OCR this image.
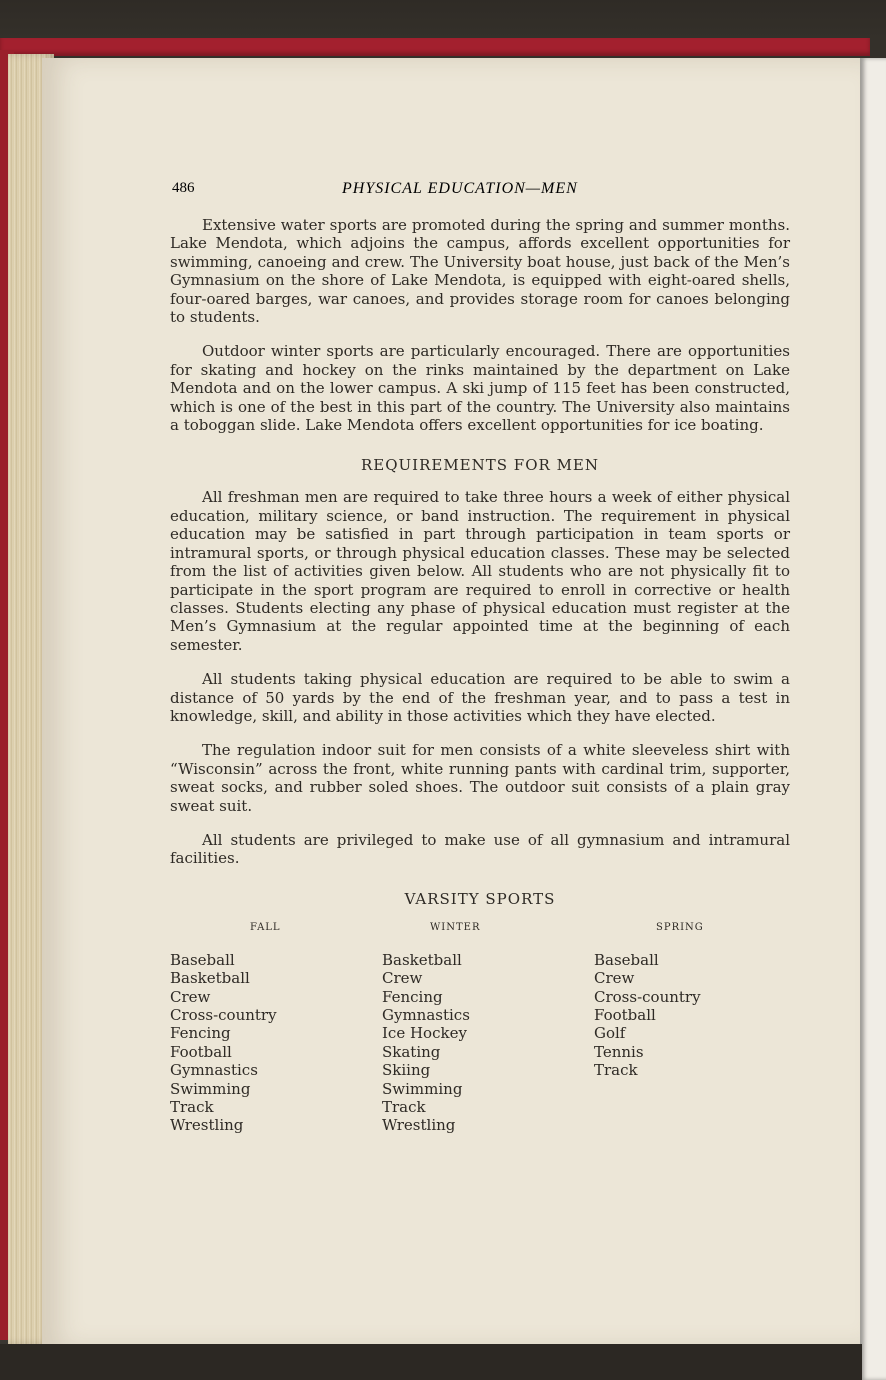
486	PHYSICAL EDUCATION—MEN

Extensive water sports are promoted during the spring and summer months. Lake Mendota, which adjoins the campus, affords excellent opportunities for swimming, canoeing and crew. The University boat house, just back of the Men’s Gymnasium on the shore of Lake Mendota, is equipped with eight-oared shells, four-oared barges, war canoes, and provides storage room for canoes belonging to students.

Outdoor winter sports are particularly encouraged. There are opportunities for skating and hockey on the rinks maintained by the department on Lake Mendota and on the lower campus. A ski jump of 115 feet has been constructed, which is one of the best in this part of the country. The University also maintains a toboggan slide. Lake Mendota offers excellent opportunities for ice boating.

REQUIREMENTS FOR MEN

All freshman men are required to take three hours a week of either physical education, military science, or band instruction. The requirement in physical education may be satisfied in part through participation in team sports or intramural sports, or through physical education classes. These may be selected from the list of activities given below. All students who are not physically fit to participate in the sport program are required to enroll in corrective or health classes. Students electing any phase of physical education must register at the Men’s Gymnasium at the regular appointed time at the beginning of each semester.

All students taking physical education are required to be able to swim a distance of 50 yards by the end of the freshman year, and to pass a test in knowledge, skill, and ability in those activities which they have elected.

The regulation indoor suit for men consists of a white sleeveless shirt with “Wisconsin” across the front, white running pants with cardinal trim, supporter, sweat socks, and rubber soled shoes. The outdoor suit consists of a plain gray sweat suit.

All students are privileged to make use of all gymnasium and intramural facilities.

VARSITY SPORTS
FALL
Baseball
Basketball
Crew
Cross-country
Fencing
Football
Gymnastics
Swimming
Track
Wrestling
WINTER
Basketball
Crew
Fencing
Gymnastics
Ice Hockey
Skating
Skiing
Swimming
Track
Wrestling
SPRING
Baseball
Crew
Cross-country
Football
Golf
Tennis
Track
